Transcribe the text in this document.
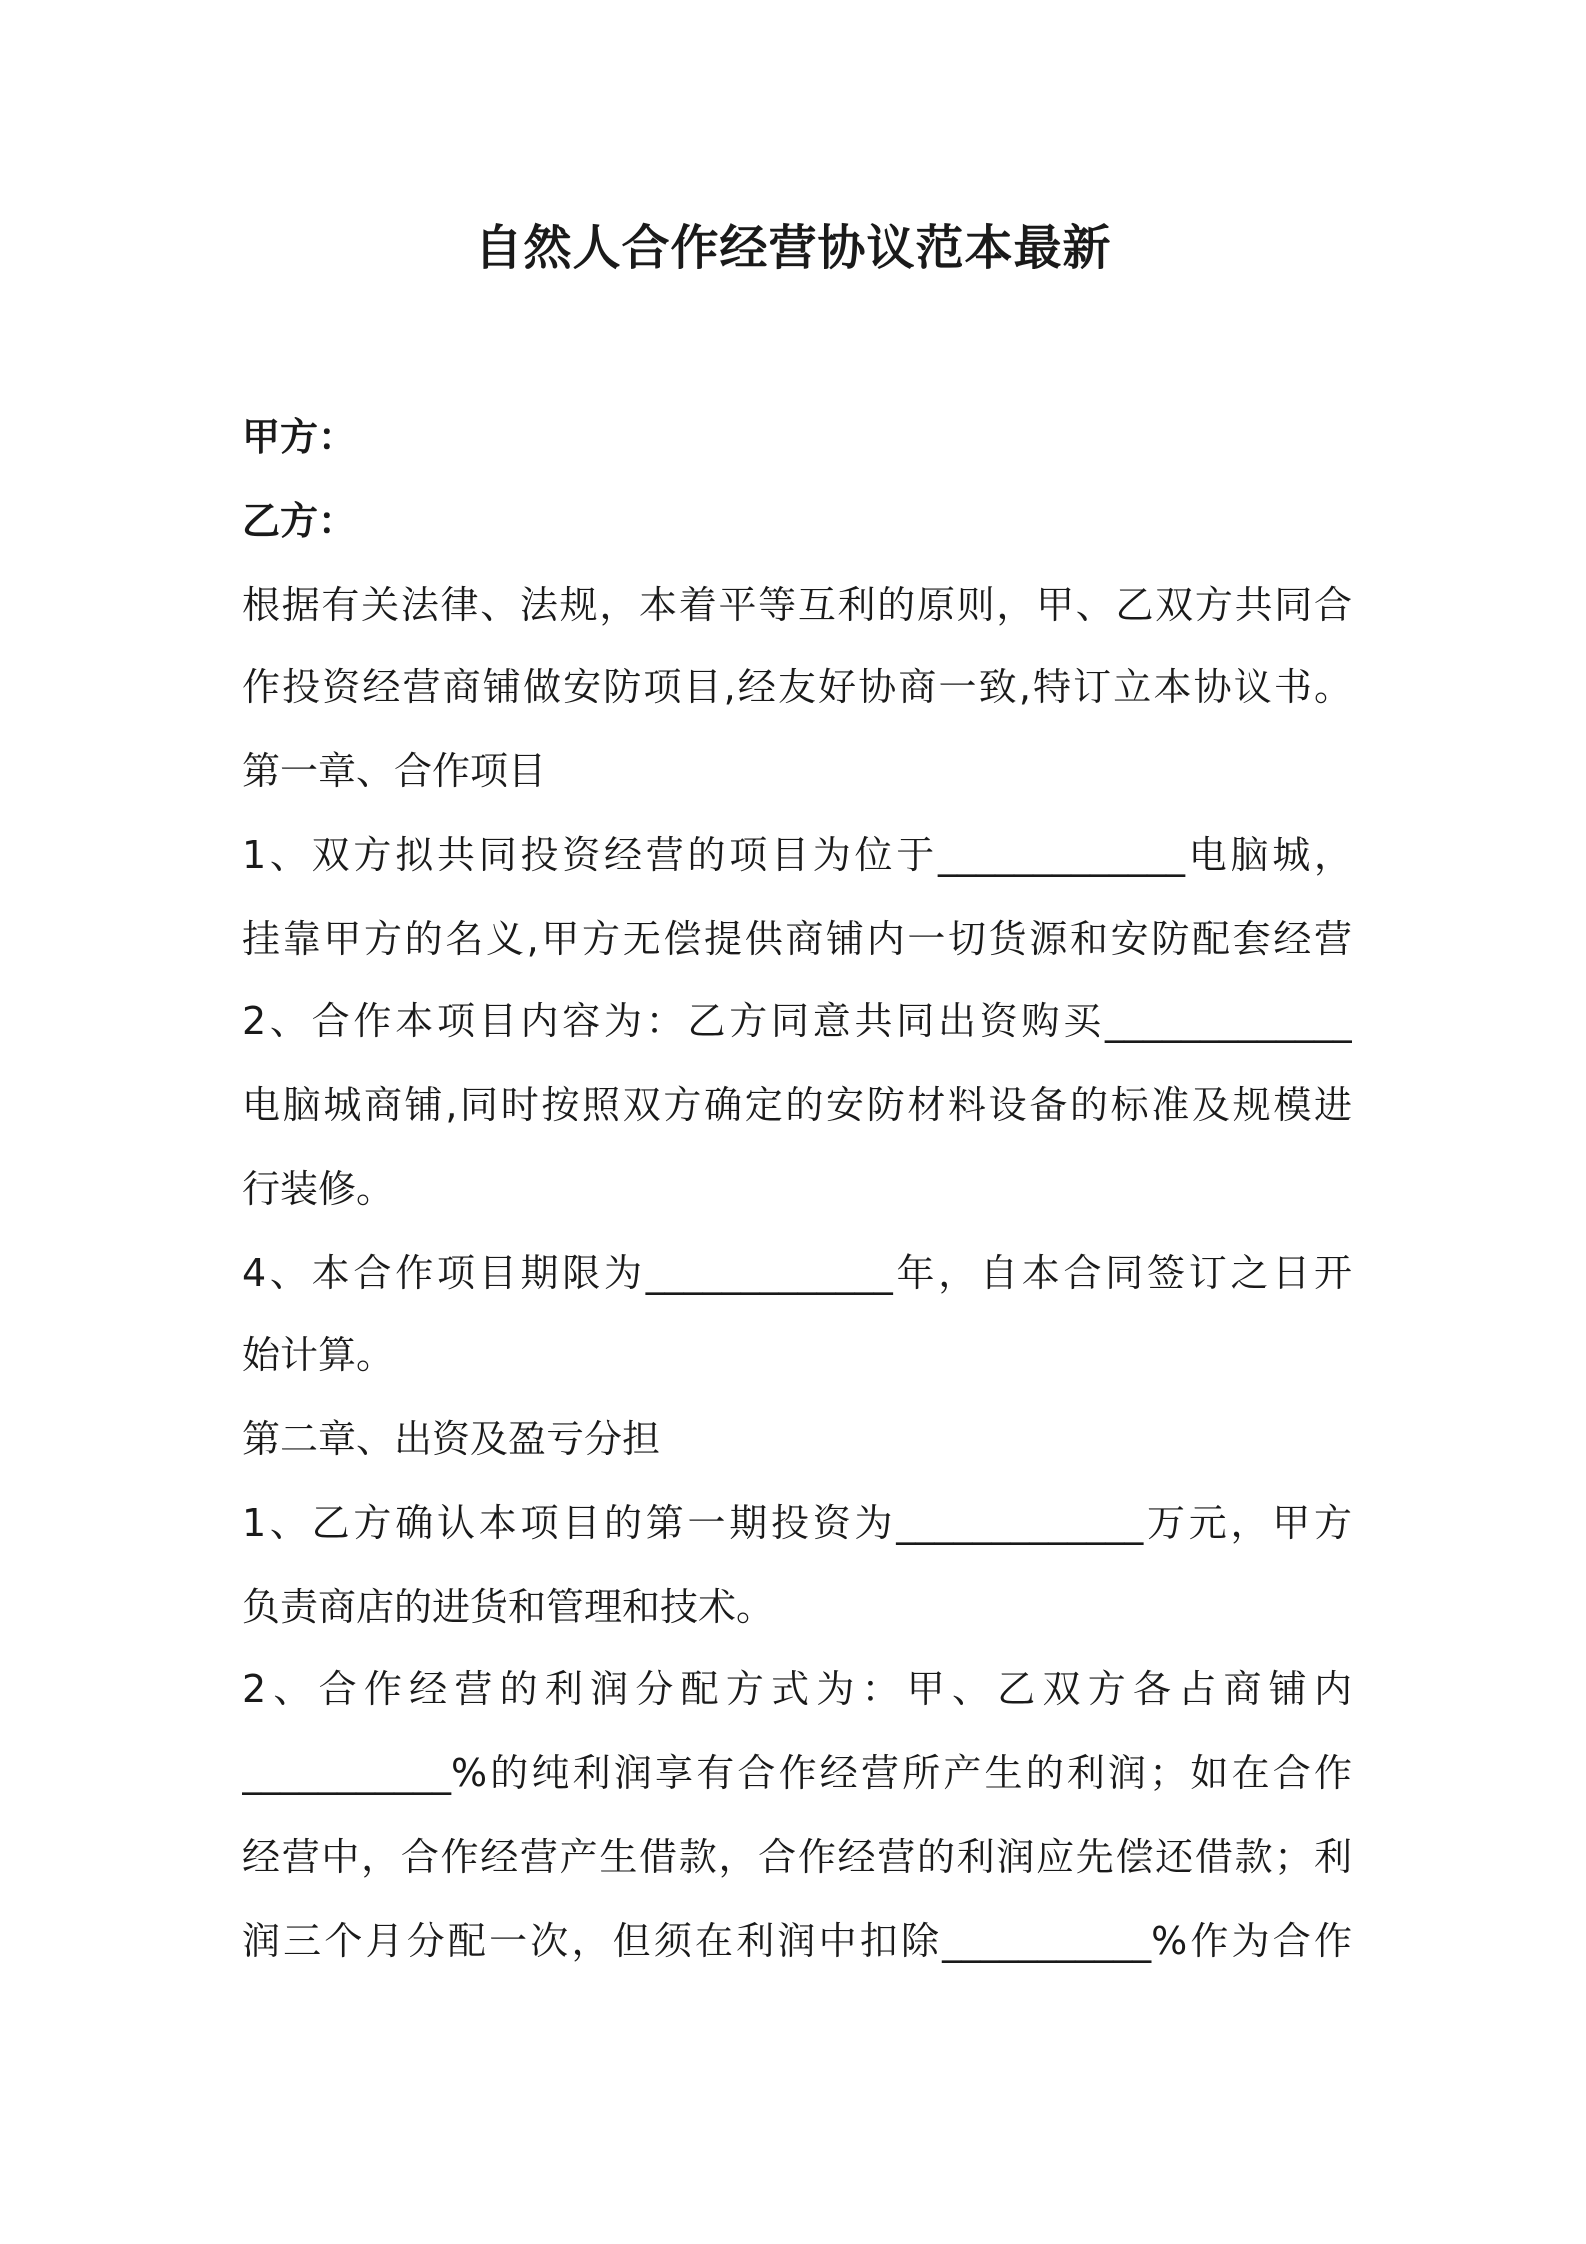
自然人合作经营协议范本最新
甲方：
乙方：
根据有关法律、法规，本着平等互利的原则，甲、乙双方共同合
作投资经营商铺做安防项目,经友好协商一致,特订立本协议书。
第一章、合作项目
1、双方拟共同投资经营的项目为位于_____________电脑城，
挂靠甲方的名义,甲方无偿提供商铺内一切货源和安防配套经营
2、合作本项目内容为：乙方同意共同出资购买_____________
电脑城商铺,同时按照双方确定的安防材料设备的标准及规模进
行装修。
4、本合作项目期限为_____________年，自本合同签订之日开
始计算。
第二章、出资及盈亏分担
1、乙方确认本项目的第一期投资为_____________万元，甲方
负责商店的进货和管理和技术。
2、合作经营的利润分配方式为：甲、乙双方各占商铺内
___________%的纯利润享有合作经营所产生的利润；如在合作
经营中，合作经营产生借款，合作经营的利润应先偿还借款；利
润三个月分配一次，但须在利润中扣除___________%作为合作
